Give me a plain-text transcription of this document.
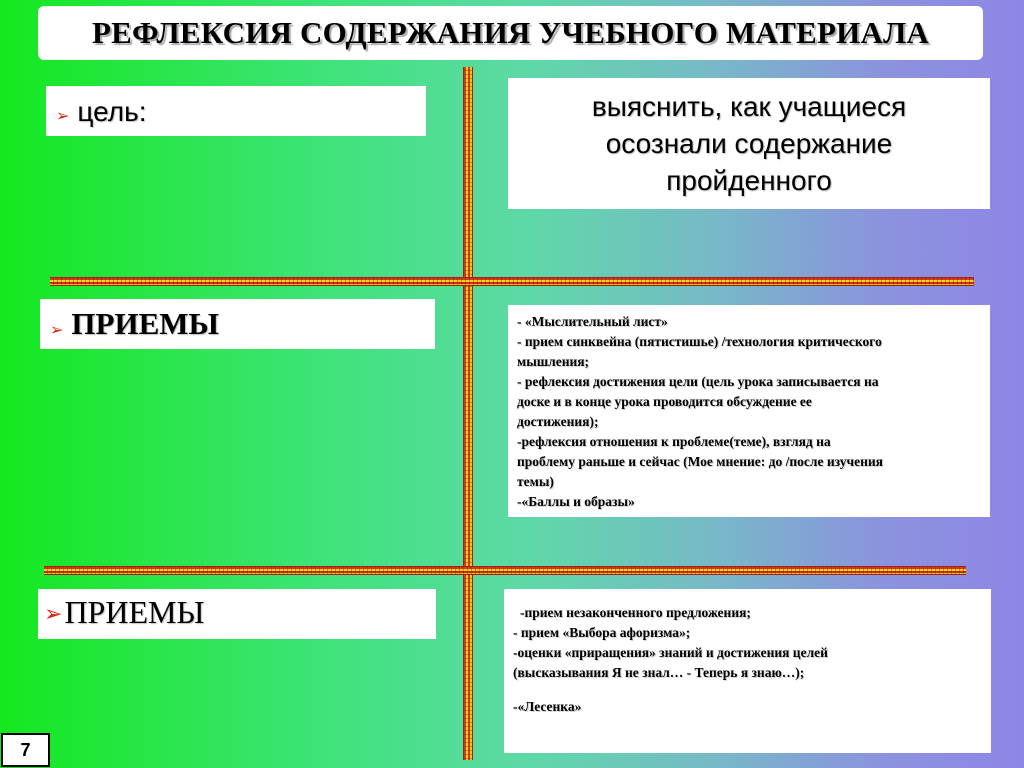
РЕФЛЕКСИЯ СОДЕРЖАНИЯ УЧЕБНОГО МАТЕРИАЛА
➢ цель:	выяснить, как учащиеся
осознали содержание
пройденного
➢ ПРИЕМЫ	- «Мыслительный лист»
- прием синквейна (пятистишье) /технология критического
мышления;
- рефлексия достижения цели (цель урока записывается на
доске и в конце урока проводится обсуждение ее
достижения);
-рефлексия отношения к проблеме(теме), взгляд на
проблему раньше и сейчас (Мое мнение: до /после изучения
темы)
-«Баллы и образы»
➢ ПРИЕМЫ	-прием незаконченного предложения;
- прием «Выбора афоризма»;
-оценки «приращения» знаний и достижения целей
(высказывания Я не знал… - Теперь я знаю…);
-«Лесенка»
7
